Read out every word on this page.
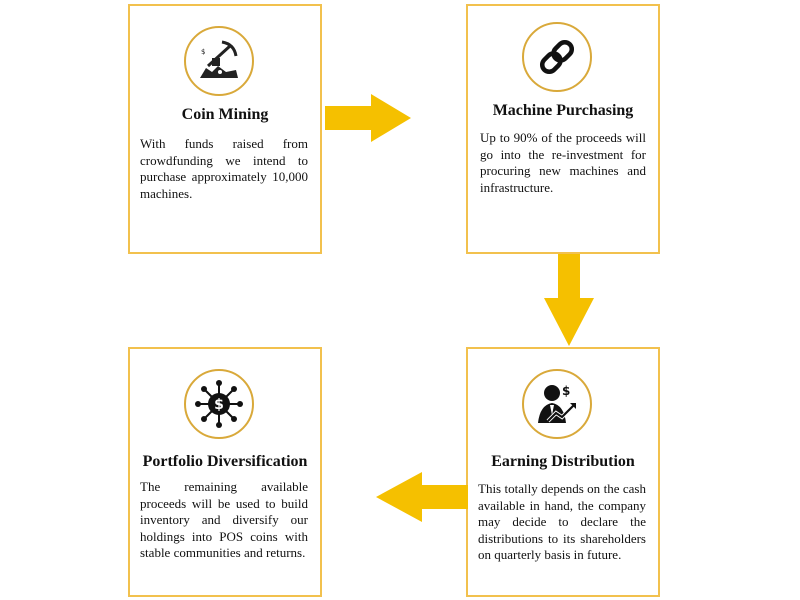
$
Coin Mining
With funds raised from crowdfunding we intend to purchase approximately 10,000 machines.
Machine Purchasing
Up to 90% of the proceeds will go into the re-investment for procuring new machines and infrastructure.
$
Earning Distribution
This totally depends on the cash available in hand, the company may decide to declare the distributions to its shareholders on quarterly basis in future.
$
Portfolio Diversification
The remaining available proceeds will be used to build inventory and diversify our holdings into POS coins with stable communities and returns.
